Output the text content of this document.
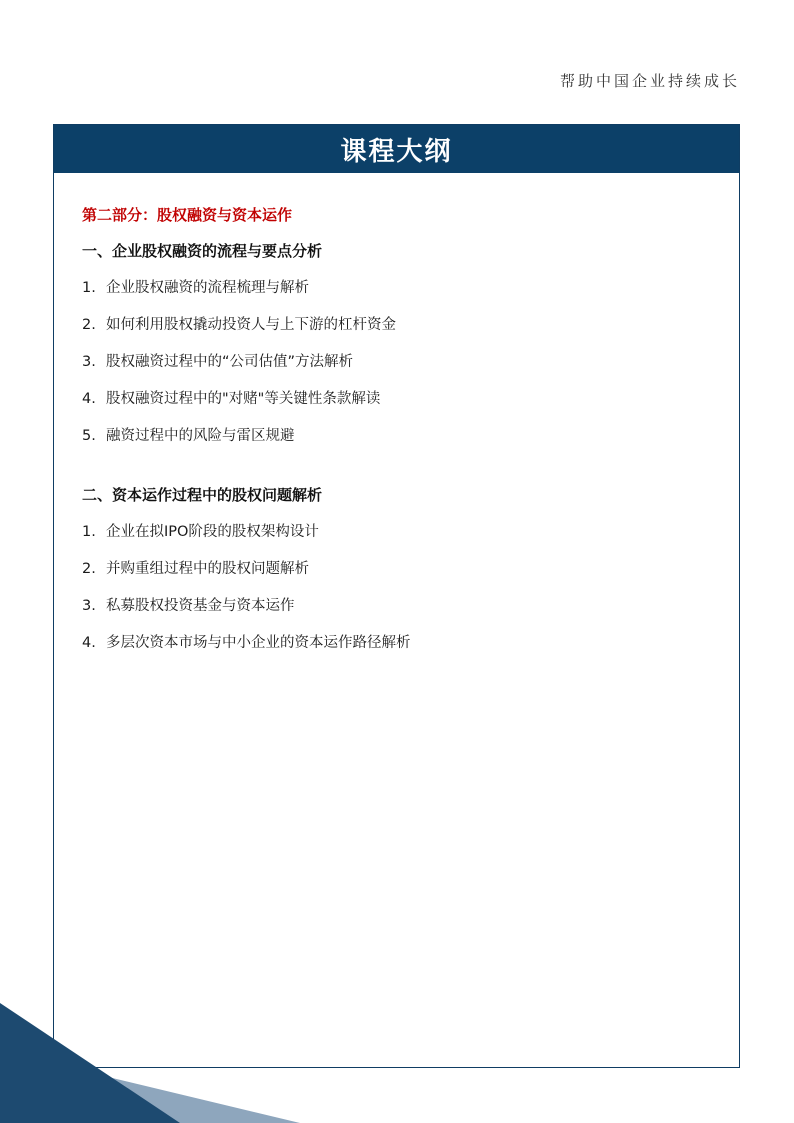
帮助中国企业持续成长
课程大纲
第二部分：股权融资与资本运作
一、企业股权融资的流程与要点分析
1. 企业股权融资的流程梳理与解析
2. 如何利用股权撬动投资人与上下游的杠杆资金
3. 股权融资过程中的“公司估值”方法解析
4. 股权融资过程中的"对赌"等关键性条款解读
5. 融资过程中的风险与雷区规避
二、资本运作过程中的股权问题解析
1. 企业在拟IPO阶段的股权架构设计
2. 并购重组过程中的股权问题解析
3. 私募股权投资基金与资本运作
4. 多层次资本市场与中小企业的资本运作路径解析
